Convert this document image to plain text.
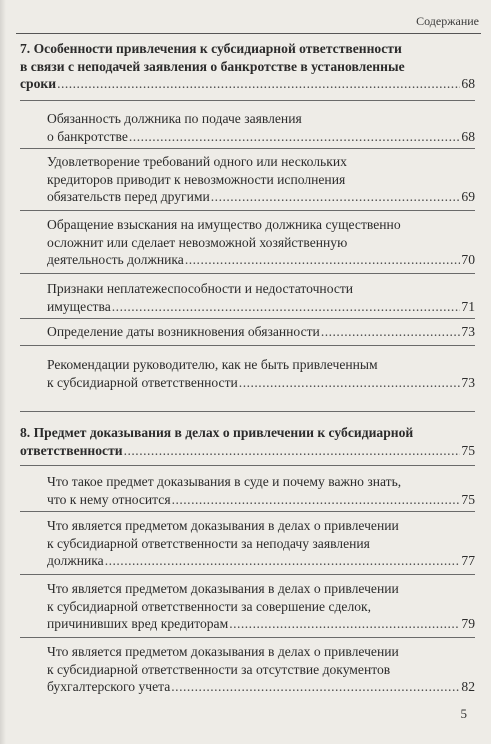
Содержание
7. Особенности привлечения к субсидиарной ответственности
в связи с неподачей заявления о банкротстве в установленные
сроки .....	68
Обязанность должника по подаче заявления
о банкротстве .....	68
Удовлетворение требований одного или нескольких
кредиторов приводит к невозможности исполнения
обязательств перед другими .....	69
Обращение взыскания на имущество должника существенно
осложнит или сделает невозможной хозяйственную
деятельность должника .....	70
Признаки неплатежеспособности и недостаточности
имущества .....	71
Определение даты возникновения обязанности .....	73
Рекомендации руководителю, как не быть привлеченным
к субсидиарной ответственности .....	73
8. Предмет доказывания в делах о привлечении к субсидиарной
ответственности .....	75
Что такое предмет доказывания в суде и почему важно знать,
что к нему относится .....	75
Что является предметом доказывания в делах о привлечении
к субсидиарной ответственности за неподачу заявления
должника .....	77
Что является предметом доказывания в делах о привлечении
к субсидиарной ответственности за совершение сделок,
причинивших вред кредиторам .....	79
Что является предметом доказывания в делах о привлечении
к субсидиарной ответственности за отсутствие документов
бухгалтерского учета .....	82
5
